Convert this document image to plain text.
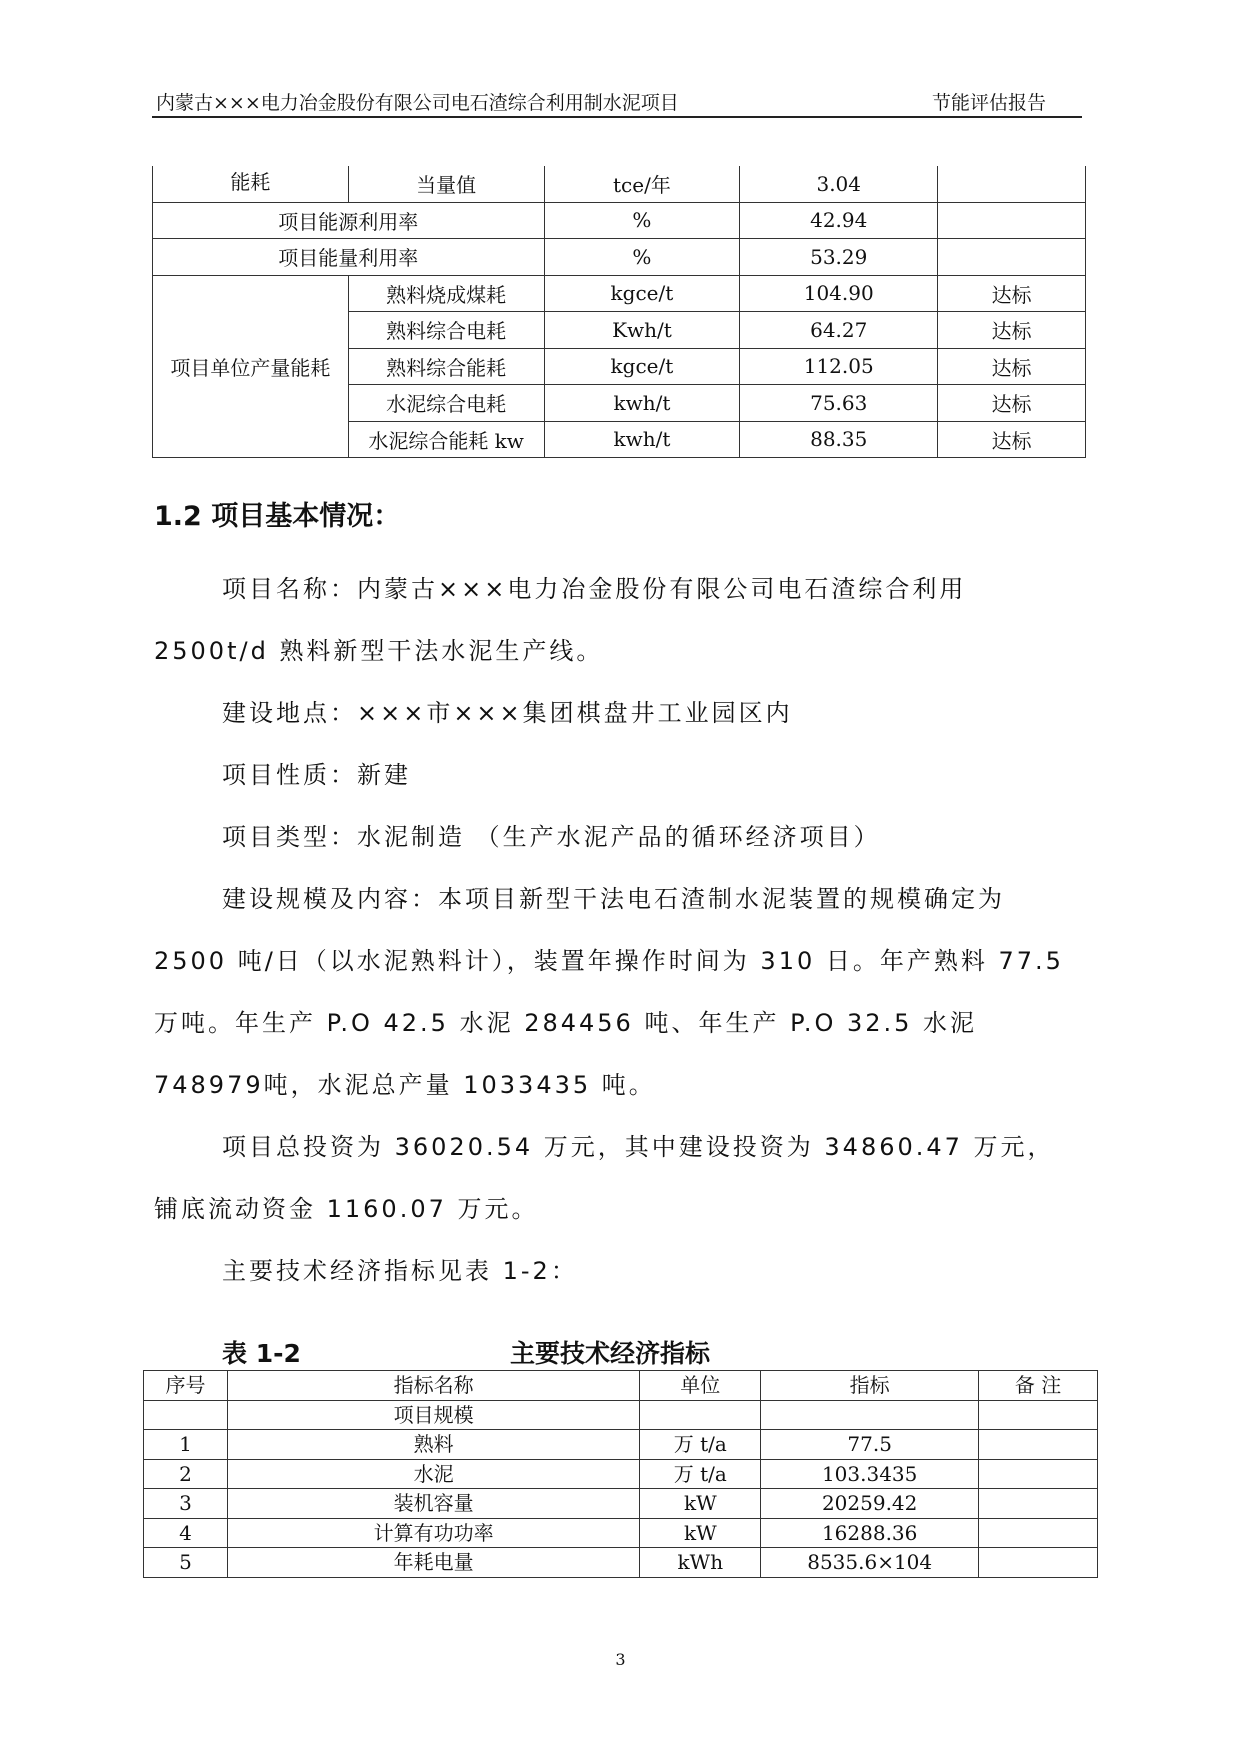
内蒙古×××电力冶金股份有限公司电石渣综合利用制水泥项目	节能评估报告
能耗	当量值	tce/年	3.04	
项目能源利用率		%	42.94	
项目能量利用率		%	53.29	
项目单位产量能耗	熟料烧成煤耗	kgce/t	104.90	达标
	熟料综合电耗	Kwh/t	64.27	达标
	熟料综合能耗	kgce/t	112.05	达标
	水泥综合电耗	kwh/t	75.63	达标
	水泥综合能耗 kw	kwh/t	88.35	达标
1.2 项目基本情况：

项目名称：内蒙古×××电力冶金股份有限公司电石渣综合利用2500t/d 熟料新型干法水泥生产线。

建设地点：×××市×××集团棋盘井工业园区内

项目性质：新建

项目类型：水泥制造 （生产水泥产品的循环经济项目）

建设规模及内容：本项目新型干法电石渣制水泥装置的规模确定为2500 吨/日（以水泥熟料计），装置年操作时间为 310 日。年产熟料 77.5万吨。年生产 P.O 42.5 水泥 284456 吨、年生产 P.O 32.5 水泥 748979吨，水泥总产量 1033435 吨。

项目总投资为 36020.54 万元，其中建设投资为 34860.47 万元，铺底流动资金 1160.07 万元。

主要技术经济指标见表 1-2：

表 1-2	主要技术经济指标
序号	指标名称	单位	指标	备 注
	项目规模			
1	熟料	万 t/a	77.5	
2	水泥	万 t/a	103.3435	
3	装机容量	kW	20259.42	
4	计算有功功率	kW	16288.36	
5	年耗电量	kWh	8535.6×104	
3
